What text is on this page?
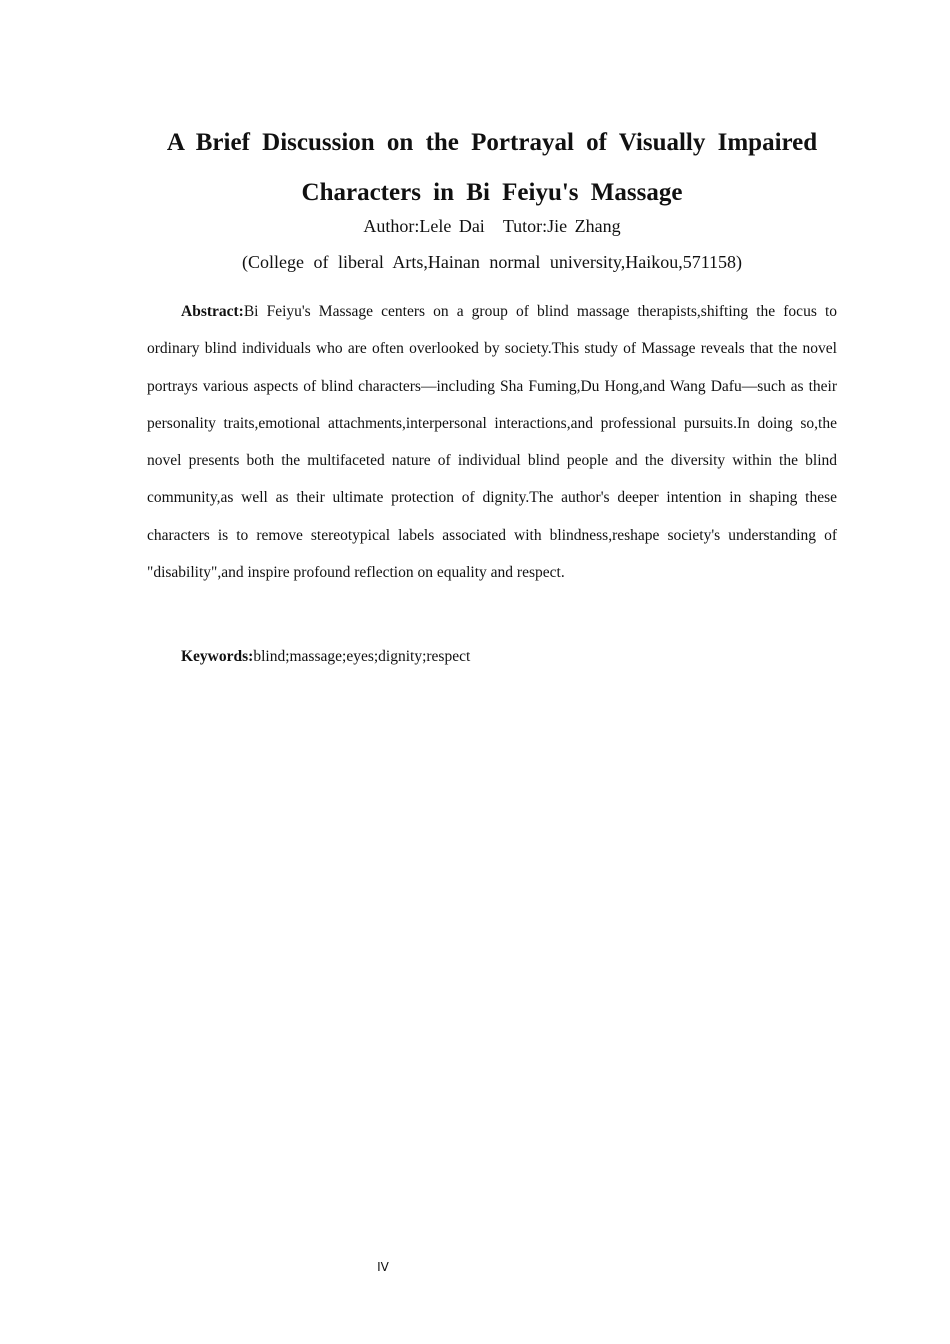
A Brief Discussion on the Portrayal of Visually Impaired
Characters in Bi Feiyu's Massage
Author:Lele Dai Tutor:Jie Zhang
(College of liberal Arts,Hainan normal university,Haikou,571158)

Abstract:Bi Feiyu's Massage centers on a group of blind massage therapists,shifting the focus to ordinary blind individuals who are often overlooked by society.This study of Massage reveals that the novel portrays various aspects of blind characters—including Sha Fuming,Du Hong,and Wang Dafu—such as their personality traits,emotional attachments,interpersonal interactions,and professional pursuits.In doing so,the novel presents both the multifaceted nature of individual blind people and the diversity within the blind community,as well as their ultimate protection of dignity.The author's deeper intention in shaping these characters is to remove stereotypical labels associated with blindness,reshape society's understanding of "disability",and inspire profound reflection on equality and respect.

Keywords:blind;massage;eyes;dignity;respect

IV
